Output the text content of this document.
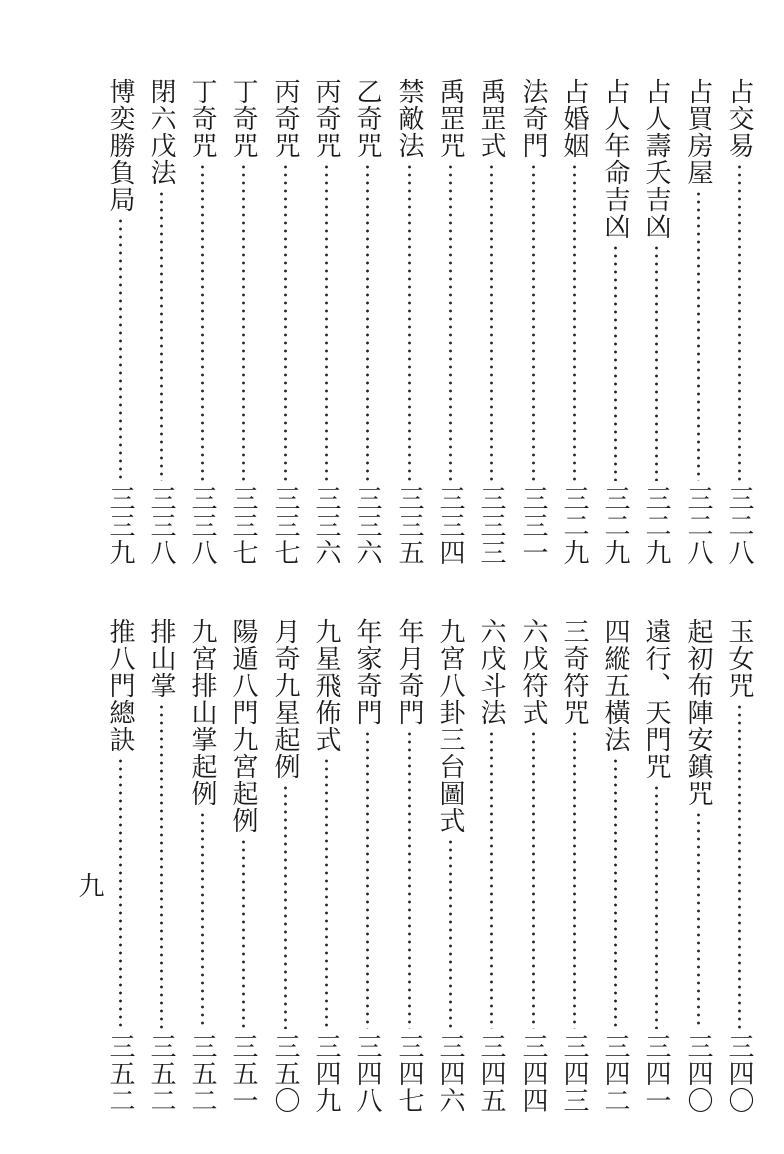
占交易
三二八
占買房屋
三二八
占人壽夭吉凶
三二九
占人年命吉凶
三二九
占婚姻
三二九
法奇門
三三一
禹罡式
三三三
禹罡咒
三三四
禁敵法
三三五
乙奇咒
三三六
丙奇咒
三三六
丙奇咒
三三七
丁奇咒
三三七
丁奇咒
三三八
閉六戊法
三三八
博奕勝負局
三三九
玉女咒
三四〇
起初布陣安鎮咒
三四〇
遠行、天門咒
三四一
四縱五橫法
三四二
三奇符咒
三四三
六戊符式
三四四
六戊斗法
三四五
九宮八卦三台圖式
三四六
年月奇門
三四七
年家奇門
三四八
九星飛佈式
三四九
月奇九星起例
三五〇
陽遁八門九宮起例
三五一
九宮排山掌起例
三五二
排山掌
三五二
推八門總訣
三五二
九
